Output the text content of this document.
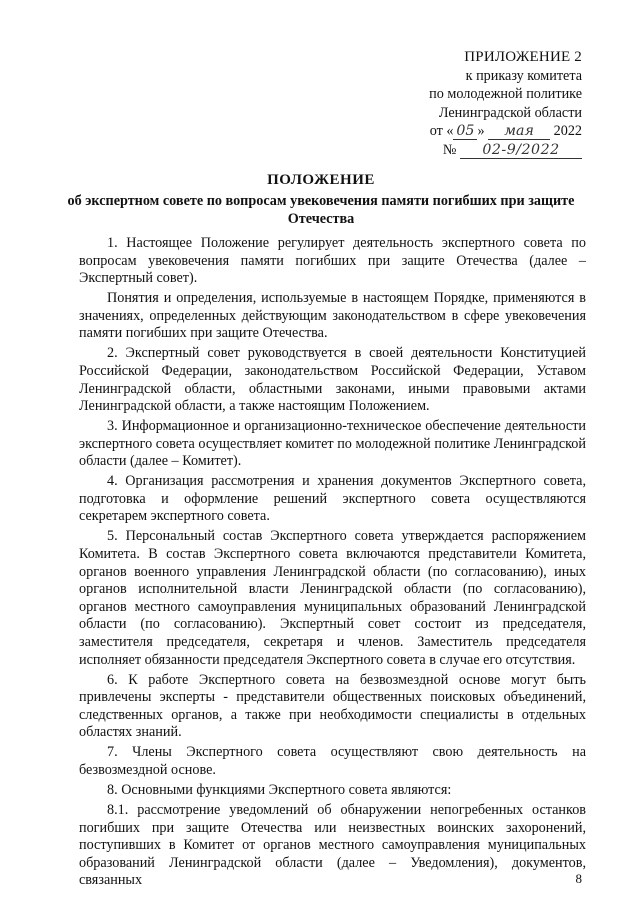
ПРИЛОЖЕНИЕ 2
к приказу комитета
по молодежной политике
Ленинградской области
от « 05 » мая 2022
№ 02-9/2022
ПОЛОЖЕНИЕ
об экспертном совете по вопросам увековечения памяти погибших при защите Отечества

1. Настоящее Положение регулирует деятельность экспертного совета по вопросам увековечения памяти погибших при защите Отечества (далее – Экспертный совет).

Понятия и определения, используемые в настоящем Порядке, применяются в значениях, определенных действующим законодательством в сфере увековечения памяти погибших при защите Отечества.

2. Экспертный совет руководствуется в своей деятельности Конституцией Российской Федерации, законодательством Российской Федерации, Уставом Ленинградской области, областными законами, иными правовыми актами Ленинградской области, а также настоящим Положением.

3. Информационное и организационно-техническое обеспечение деятельности экспертного совета осуществляет комитет по молодежной политике Ленинградской области (далее – Комитет).

4. Организация рассмотрения и хранения документов Экспертного совета, подготовка и оформление решений экспертного совета осуществляются секретарем экспертного совета.

5. Персональный состав Экспертного совета утверждается распоряжением Комитета. В состав Экспертного совета включаются представители Комитета, органов военного управления Ленинградской области (по согласованию), иных органов исполнительной власти Ленинградской области (по согласованию), органов местного самоуправления муниципальных образований Ленинградской области (по согласованию). Экспертный совет состоит из председателя, заместителя председателя, секретаря и членов. Заместитель председателя исполняет обязанности председателя Экспертного совета в случае его отсутствия.

6. К работе Экспертного совета на безвозмездной основе могут быть привлечены эксперты - представители общественных поисковых объединений, следственных органов, а также при необходимости специалисты в отдельных областях знаний.

7. Члены Экспертного совета осуществляют свою деятельность на безвозмездной основе.

8. Основными функциями Экспертного совета являются:

8.1. рассмотрение уведомлений об обнаружении непогребенных останков погибших при защите Отечества или неизвестных воинских захоронений, поступивших в Комитет от органов местного самоуправления муниципальных образований Ленинградской области (далее – Уведомления), документов, связанных	8
